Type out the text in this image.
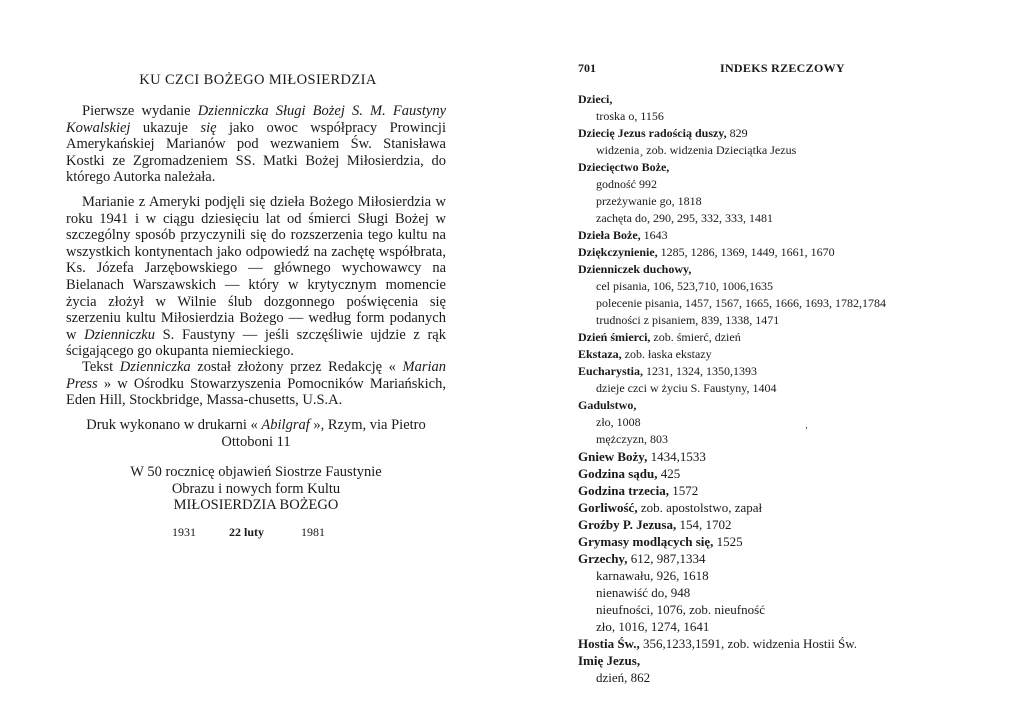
KU CZCI BOŻEGO MIŁOSIERDZIA

Pierwsze wydanie Dzienniczka Sługi Bożej S. M. Faustyny Kowalskiej ukazuje się jako owoc współpracy Prowincji Amerykańskiej Marianów pod wezwaniem Św. Stanisława Kostki ze Zgromadzeniem SS. Matki Bożej Miłosierdzia, do którego Autorka należała.

Marianie z Ameryki podjęli się dzieła Bożego Miłosierdzia w roku 1941 i w ciągu dziesięciu lat od śmierci Sługi Bożej w szczególny sposób przyczynili się do rozszerzenia tego kultu na wszystkich kontynentach jako odpowiedź na zachętę współbrata, Ks. Józefa Jarzębowskiego — głównego wychowawcy na Bielanach Warszawskich — który w krytycznym momencie życia złożył w Wilnie ślub dozgonnego poświęcenia się szerzeniu kultu Miłosierdzia Bożego — według form podanych w Dzienniczku S. Faustyny — jeśli szczęśliwie ujdzie z rąk ścigającego go okupanta niemieckiego.

Tekst Dzienniczka został złożony przez Redakcję « Marian Press » w Ośrodku Stowarzyszenia Pomocników Mariańskich, Eden Hill, Stockbridge, Massa-chusetts, U.S.A.

Druk wykonano w drukarni « Abilgraf », Rzym, via Pietro
Ottoboni 11
W 50 rocznicę objawień Siostrze Faustynie
Obrazu i nowych form Kultu
MIŁOSIERDZIA BOŻEGO
1931	22 luty	1981
701	INDEKS RZECZOWY
Dzieci,
troska o, 1156
Dziecię Jezus radością duszy, 829
widzenia¸ zob. widzenia Dzieciątka Jezus
Dziecięctwo Boże,
godność 992
przeżywanie go, 1818
zachęta do, 290, 295, 332, 333, 1481
Dzieła Boże, 1643
Dziękczynienie, 1285, 1286, 1369, 1449, 1661, 1670
Dzienniczek duchowy,
cel pisania, 106, 523,710, 1006,1635
polecenie pisania, 1457, 1567, 1665, 1666, 1693, 1782,1784
trudności z pisaniem, 839, 1338, 1471
Dzień śmierci, zob. śmierć, dzień
Ekstaza, zob. łaska ekstazy
Eucharystia, 1231, 1324, 1350,1393
dzieje czci w życiu S. Faustyny, 1404
Gadulstwo,
zło, 1008
mężczyzn, 803
Gniew Boży, 1434,1533
Godzina sądu, 425
Godzina trzecia, 1572
Gorliwość, zob. apostolstwo, zapał
Groźby P. Jezusa, 154, 1702
Grymasy modlących się, 1525
Grzechy, 612, 987,1334
karnawału, 926, 1618
nienawiść do, 948
nieufności, 1076, zob. nieufność
zło, 1016, 1274, 1641
Hostia Św., 356,1233,1591, zob. widzenia Hostii Św.
Imię Jezus,
dzień, 862
‚
